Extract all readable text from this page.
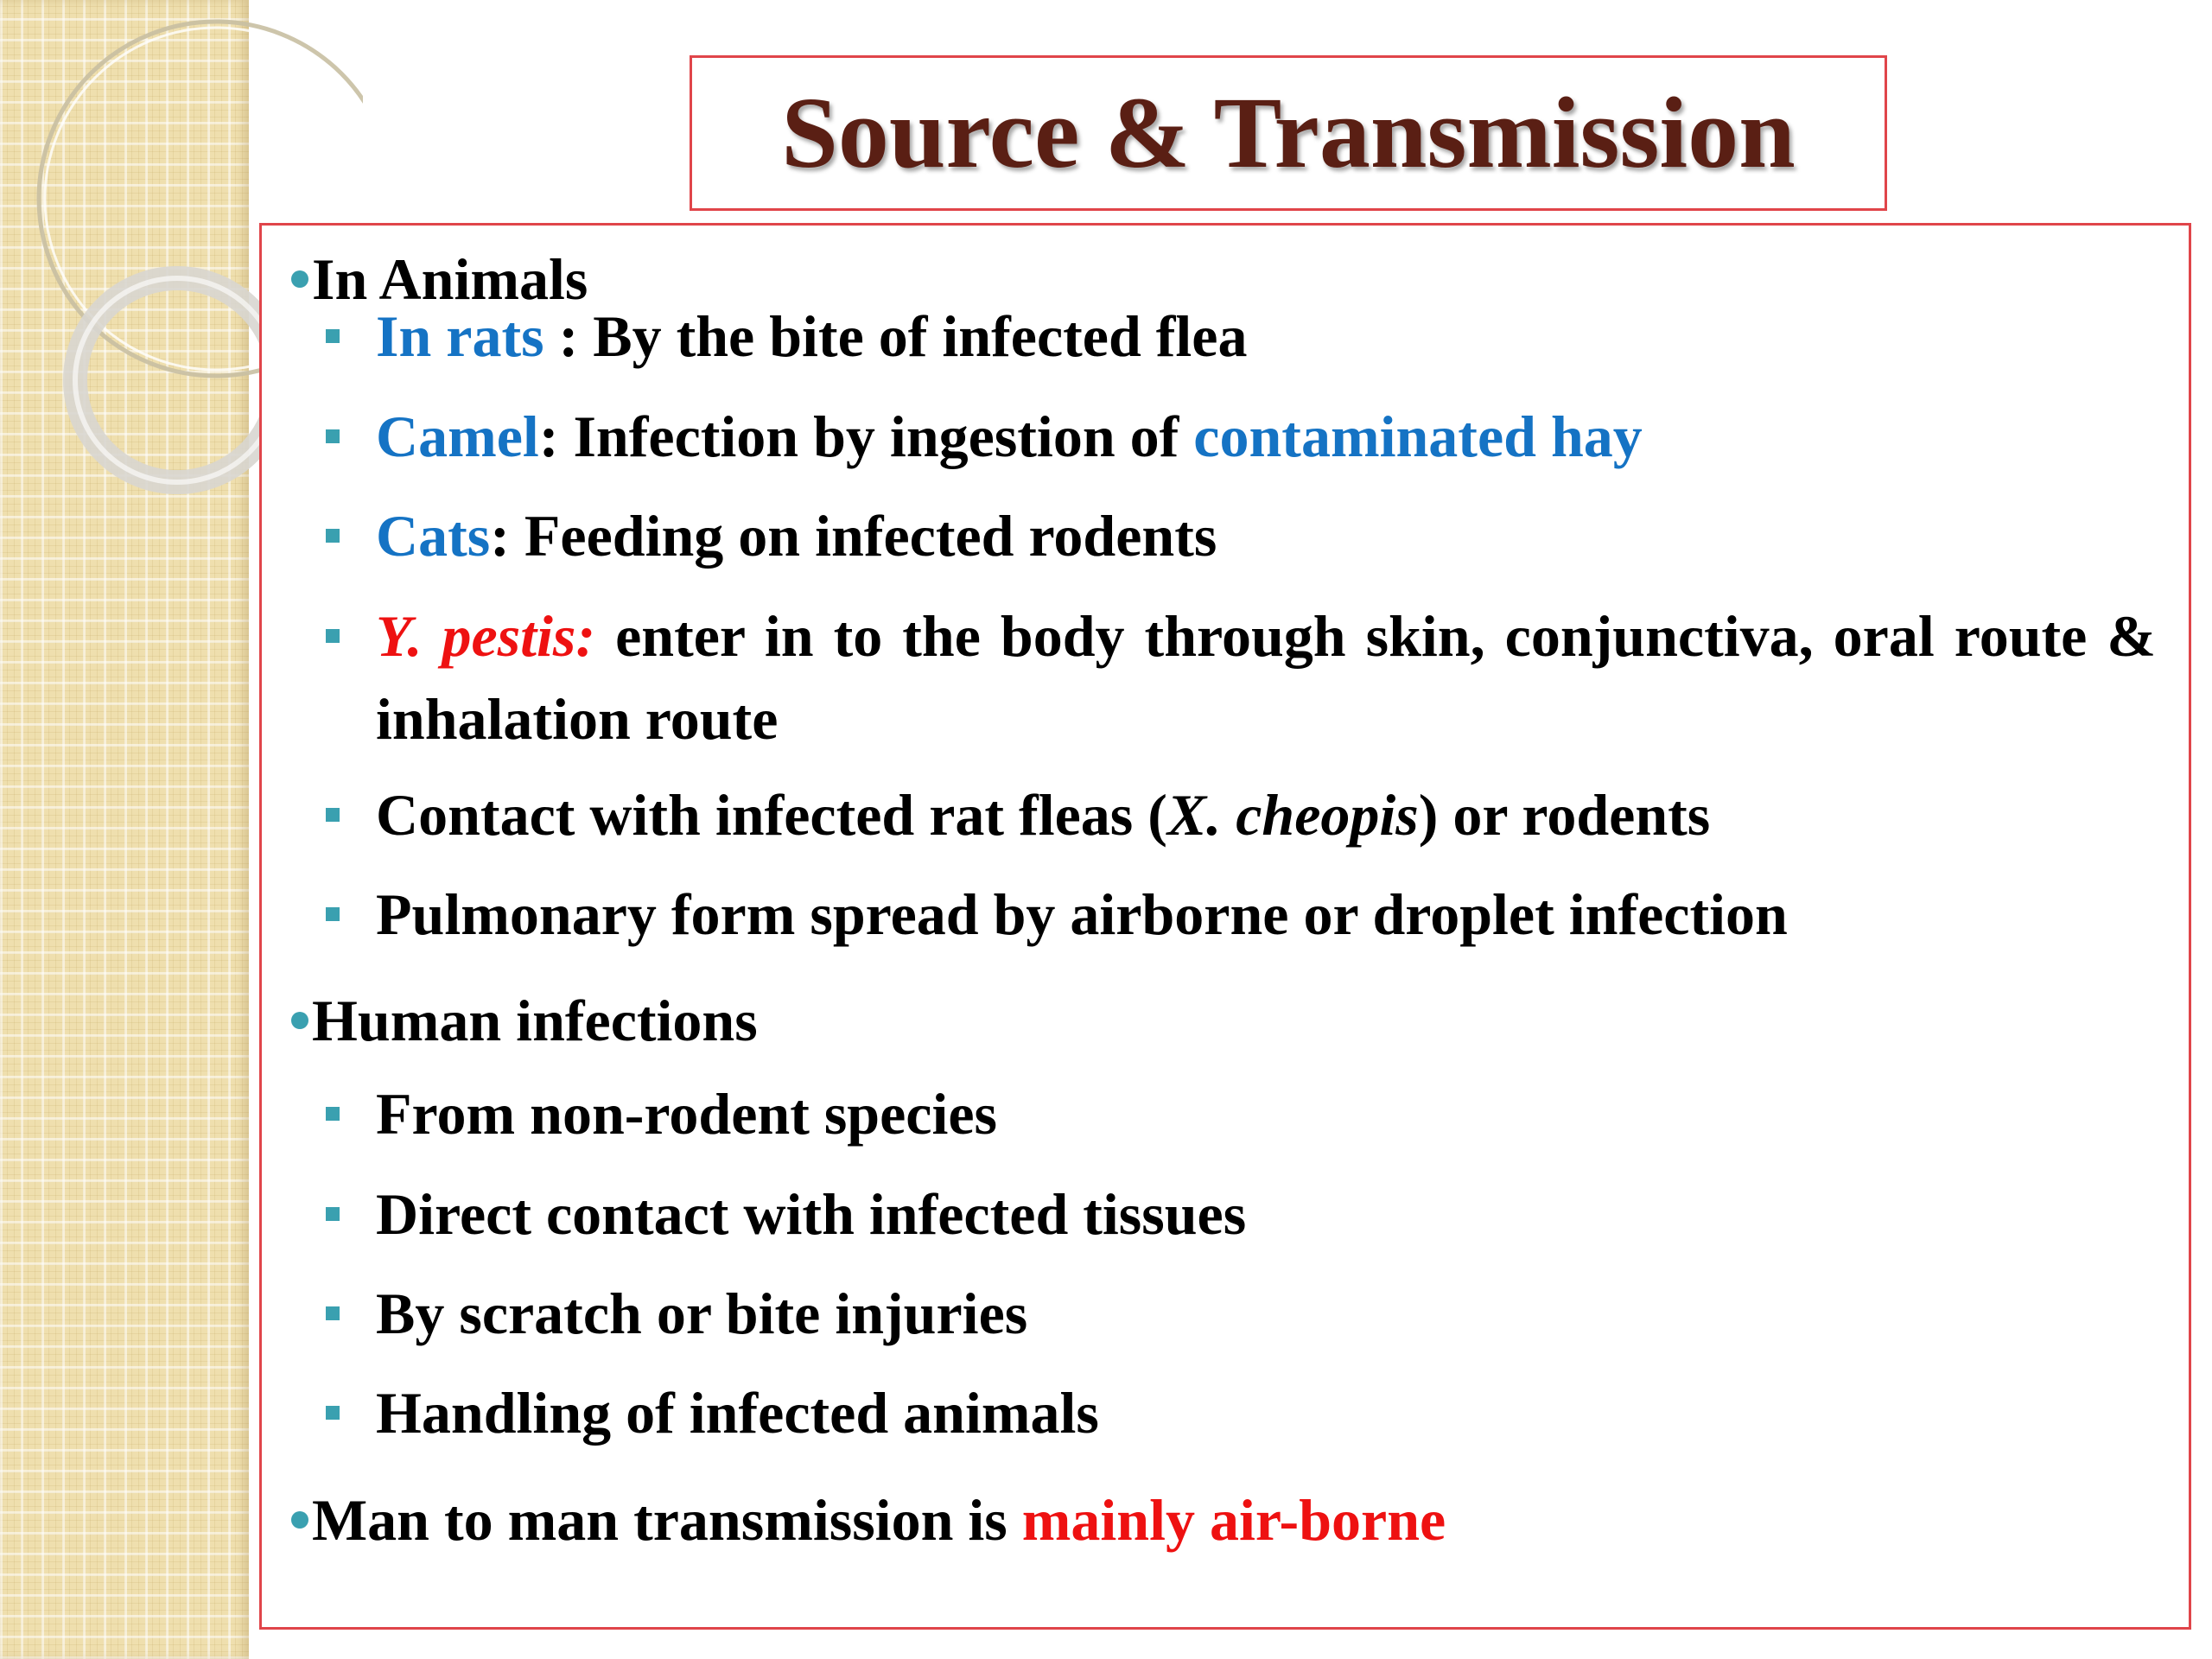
Source & Transmission
In Animals
In rats : By the bite of infected flea
Camel: Infection by ingestion of contaminated hay
Cats: Feeding on infected rodents
Y. pestis: enter in to the body through skin, conjunctiva, oral route & inhalation route
Contact with infected rat fleas (X. cheopis) or rodents
Pulmonary form spread by airborne or droplet infection
Human infections
From non-rodent species
Direct contact with infected tissues
By scratch or bite injuries
Handling of infected animals
Man to man transmission is mainly air-borne
